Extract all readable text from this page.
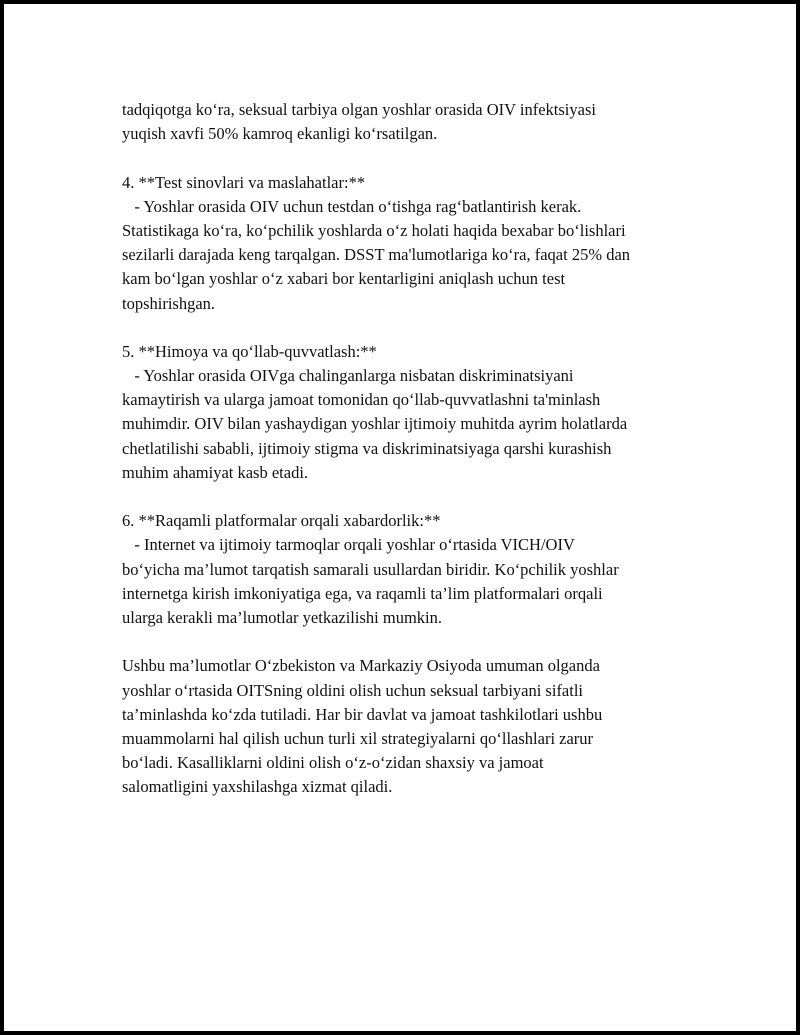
tadqiqotga ko‘ra, seksual tarbiya olgan yoshlar orasida OIV infektsiyasi
yuqish xavfi 50% kamroq ekanligi ko‘rsatilgan.
4. **Test sinovlari va maslahatlar:**
- Yoshlar orasida OIV uchun testdan o‘tishga rag‘batlantirish kerak.
Statistikaga ko‘ra, ko‘pchilik yoshlarda o‘z holati haqida bexabar bo‘lishlari
sezilarli darajada keng tarqalgan. DSST ma'lumotlariga ko‘ra, faqat 25% dan
kam bo‘lgan yoshlar o‘z xabari bor kentarligini aniqlash uchun test
topshirishgan.
5. **Himoya va qo‘llab-quvvatlash:**
- Yoshlar orasida OIVga chalinganlarga nisbatan diskriminatsiyani
kamaytirish va ularga jamoat tomonidan qo‘llab-quvvatlashni ta'minlash
muhimdir. OIV bilan yashaydigan yoshlar ijtimoiy muhitda ayrim holatlarda
chetlatilishi sababli, ijtimoiy stigma va diskriminatsiyaga qarshi kurashish
muhim ahamiyat kasb etadi.
6. **Raqamli platformalar orqali xabardorlik:**
- Internet va ijtimoiy tarmoqlar orqali yoshlar o‘rtasida VICH/OIV
bo‘yicha ma’lumot tarqatish samarali usullardan biridir. Ko‘pchilik yoshlar
internetga kirish imkoniyatiga ega, va raqamli ta’lim platformalari orqali
ularga kerakli ma’lumotlar yetkazilishi mumkin.
Ushbu ma’lumotlar O‘zbekiston va Markaziy Osiyoda umuman olganda
yoshlar o‘rtasida OITSning oldini olish uchun seksual tarbiyani sifatli
ta’minlashda ko‘zda tutiladi. Har bir davlat va jamoat tashkilotlari ushbu
muammolarni hal qilish uchun turli xil strategiyalarni qo‘llashlari zarur
bo‘ladi. Kasalliklarni oldini olish o‘z-o‘zidan shaxsiy va jamoat
salomatligini yaxshilashga xizmat qiladi.
